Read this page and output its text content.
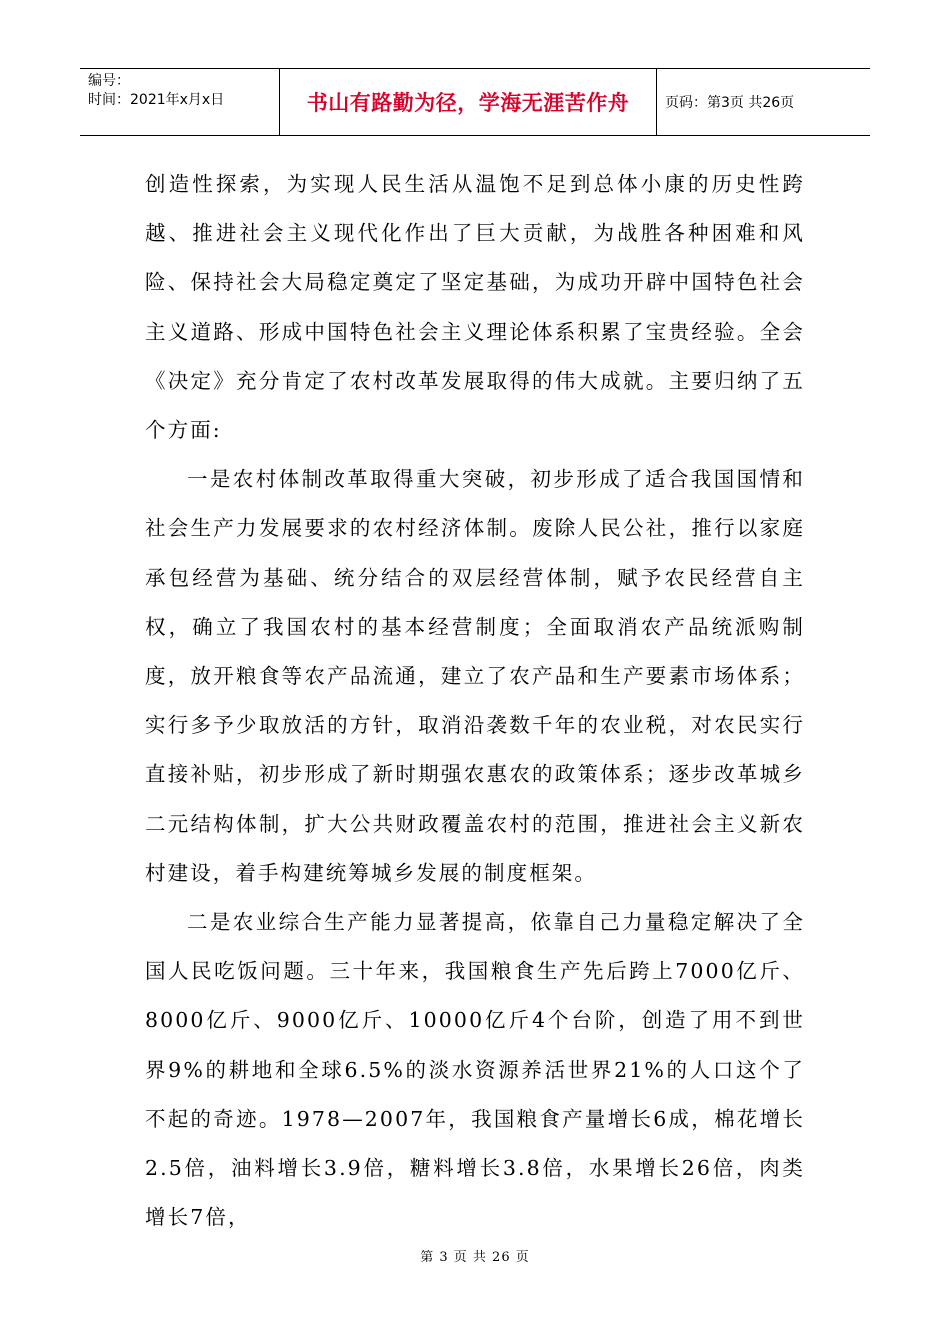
编号：
时间：2021年x月x日	书山有路勤为径，学海无涯苦作舟	页码：第3页 共26页

创造性探索，为实现人民生活从温饱不足到总体小康的历史性跨越、推进社会主义现代化作出了巨大贡献，为战胜各种困难和风险、保持社会大局稳定奠定了坚定基础，为成功开辟中国特色社会主义道路、形成中国特色社会主义理论体系积累了宝贵经验。全会《决定》充分肯定了农村改革发展取得的伟大成就。主要归纳了五个方面:

一是农村体制改革取得重大突破，初步形成了适合我国国情和社会生产力发展要求的农村经济体制。废除人民公社，推行以家庭承包经营为基础、统分结合的双层经营体制，赋予农民经营自主权，确立了我国农村的基本经营制度；全面取消农产品统派购制度，放开粮食等农产品流通，建立了农产品和生产要素市场体系；实行多予少取放活的方针，取消沿袭数千年的农业税，对农民实行直接补贴，初步形成了新时期强农惠农的政策体系；逐步改革城乡二元结构体制，扩大公共财政覆盖农村的范围，推进社会主义新农村建设，着手构建统筹城乡发展的制度框架。

二是农业综合生产能力显著提高，依靠自己力量稳定解决了全国人民吃饭问题。三十年来，我国粮食生产先后跨上7000亿斤、8000亿斤、9000亿斤、10000亿斤4个台阶，创造了用不到世界9%的耕地和全球6.5%的淡水资源养活世界21%的人口这个了不起的奇迹。1978—2007年，我国粮食产量增长6成，棉花增长2.5倍，油料增长3.9倍，糖料增长3.8倍，水果增长26倍，肉类增长7倍，

第 3 页 共 26 页
